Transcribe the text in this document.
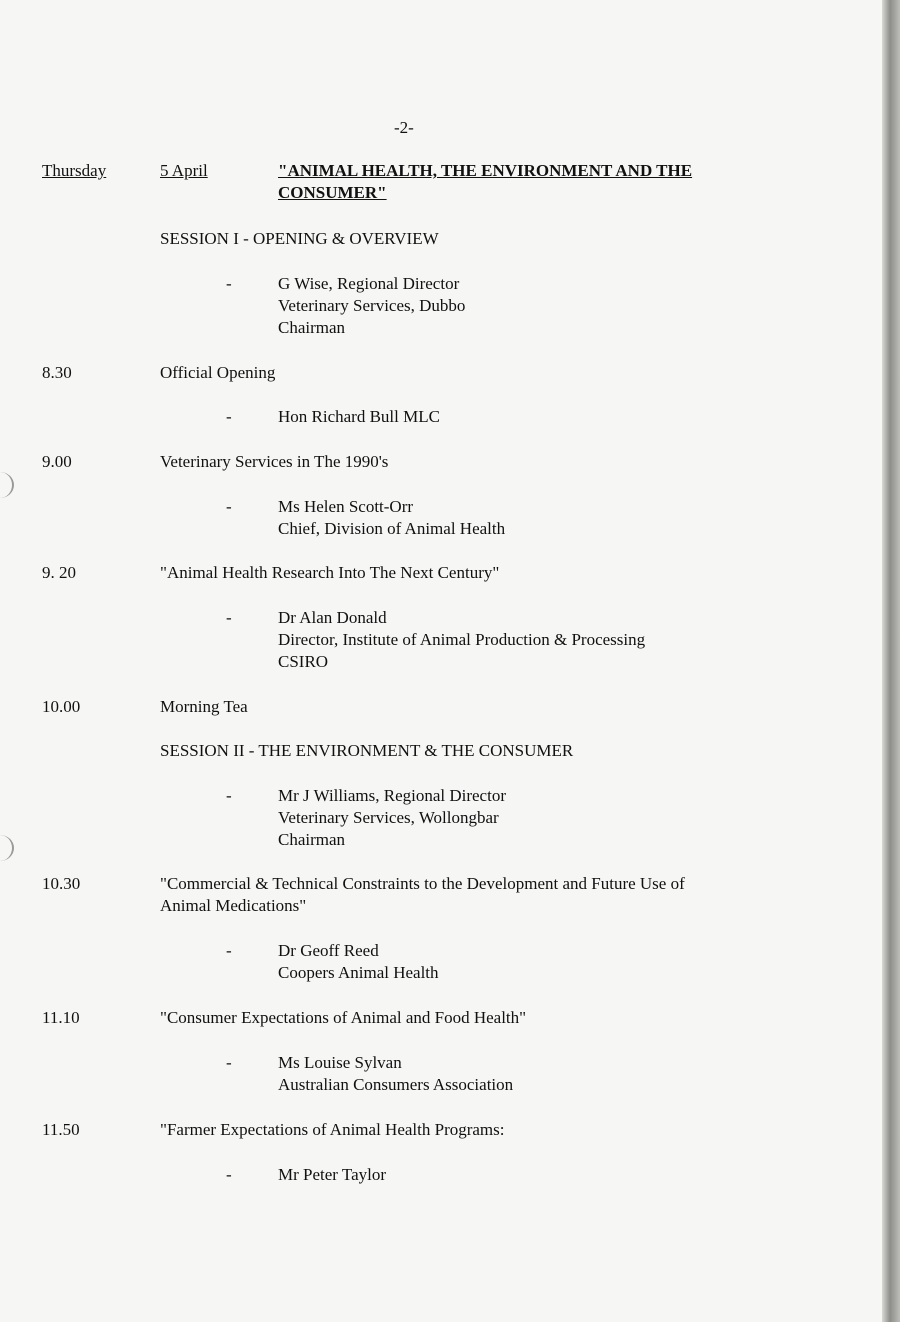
-2-
Thursday	5 April	"ANIMAL HEALTH, THE ENVIRONMENT AND THE
CONSUMER"
SESSION I - OPENING & OVERVIEW
-	G Wise, Regional Director
Veterinary Services, Dubbo
Chairman
8.30	Official Opening
-	Hon Richard Bull MLC
9.00	Veterinary Services in The 1990's
-	Ms Helen Scott-Orr
Chief, Division of Animal Health
9. 20	"Animal Health Research Into The Next Century"
-	Dr Alan Donald
Director, Institute of Animal Production & Processing
CSIRO
10.00	Morning Tea
SESSION II - THE ENVIRONMENT & THE CONSUMER
-	Mr J Williams, Regional Director
Veterinary Services, Wollongbar
Chairman
10.30	"Commercial & Technical Constraints to the Development and Future Use of
Animal Medications"
-	Dr Geoff Reed
Coopers Animal Health
11.10	"Consumer Expectations of Animal and Food Health"
-	Ms Louise Sylvan
Australian Consumers Association
11.50	"Farmer Expectations of Animal Health Programs:
-	Mr Peter Taylor
